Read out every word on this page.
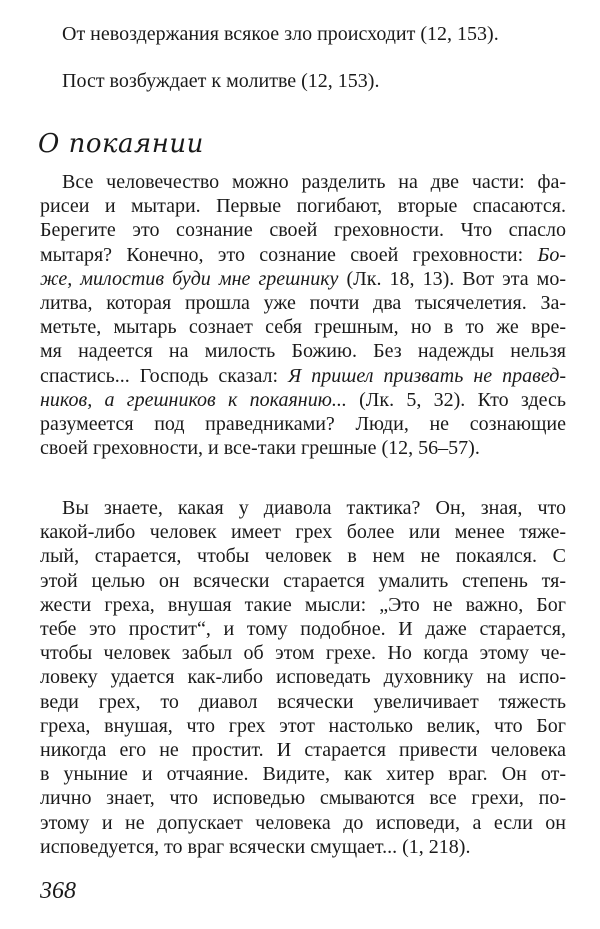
От невоздержания всякое зло происходит (12, 153).
Пост возбуждает к молитве (12, 153).
О покаянии
Все человечество можно разделить на две части: фа-
рисеи и мытари. Первые погибают, вторые спасаются.
Берегите это сознание своей греховности. Что спасло
мытаря? Конечно, это сознание своей греховности: Бо-
же, милостив буди мне грешнику (Лк. 18, 13). Вот эта мо-
литва, которая прошла уже почти два тысячелетия. За-
метьте, мытарь сознает себя грешным, но в то же вре-
мя надеется на милость Божию. Без надежды нельзя
спастись... Господь сказал: Я пришел призвать не правед-
ников, а грешников к покаянию... (Лк. 5, 32). Кто здесь
разумеется под праведниками? Люди, не сознающие
своей греховности, и все-таки грешные (12, 56–57).
Вы знаете, какая у диавола тактика? Он, зная, что
какой-либо человек имеет грех более или менее тяже-
лый, старается, чтобы человек в нем не покаялся. С
этой целью он всячески старается умалить степень тя-
жести греха, внушая такие мысли: „Это не важно, Бог
тебе это простит“, и тому подобное. И даже старается,
чтобы человек забыл об этом грехе. Но когда этому че-
ловеку удается как-либо исповедать духовнику на испо-
веди грех, то диавол всячески увеличивает тяжесть
греха, внушая, что грех этот настолько велик, что Бог
никогда его не простит. И старается привести человека
в уныние и отчаяние. Видите, как хитер враг. Он от-
лично знает, что исповедью смываются все грехи, по-
этому и не допускает человека до исповеди, а если он
исповедуется, то враг всячески смущает... (1, 218).
368
